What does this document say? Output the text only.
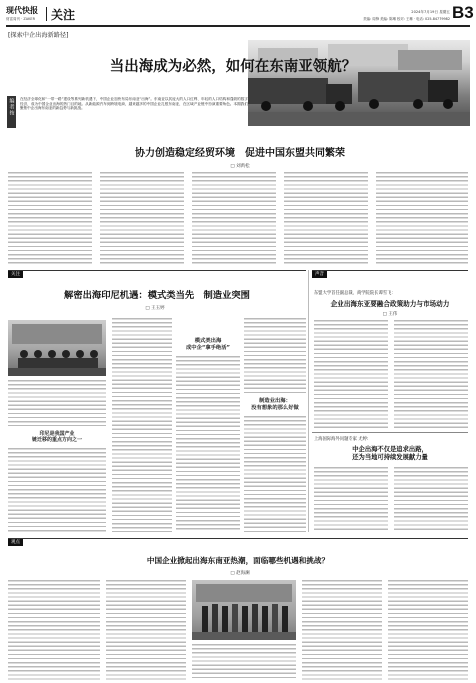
现代快报
财富周刊 · ZAKER 关注	2024年7月19日 星期五
责编: 周锋 美编: 陈琳 校对: 王琳 · 电话: 025-84779982 B3
[探索中企出海新路径]
当出海成为必然，如何在东南亚领航？
编者按	在经济全球化和“一带一路”建设等系列新机遇下，中国企业加快布局东南亚“出海”。东南亚以其庞大的人口红利、年轻的人口结构和蓬勃的数字经济，成为中国企业出海的热门目的地。从新能源汽车到跨境电商，越来越多的中国企业扎根东南亚，在区域产业链中扮演重要角色。本期我们聚焦中企出海东南亚的新趋势与新挑战。
协力创造稳定经贸环境　促进中国东盟共同繁荣
□ 刘禹松
关注	声音
解密出海印尼机遇：模式类当先　制造业突围
□ 王玉婷
印尼是我国产业
链迁移的重点方向之一
模式类出海
成中企“拿手绝活”
制造业出海：
没有想象的那么好做
东盟大学首任副总裁、商学院院长谭雪飞：
企业出海东亚要融合政策助力与市场动力
□ 王伟
上海国际海外问题专家 尤婷:
中企出海不仅是追求出路，
还为当地可持续发展献力量
观点
中国企业掀起出海东南亚热潮，面临哪些机遇和挑战？
□ 赵海澜
